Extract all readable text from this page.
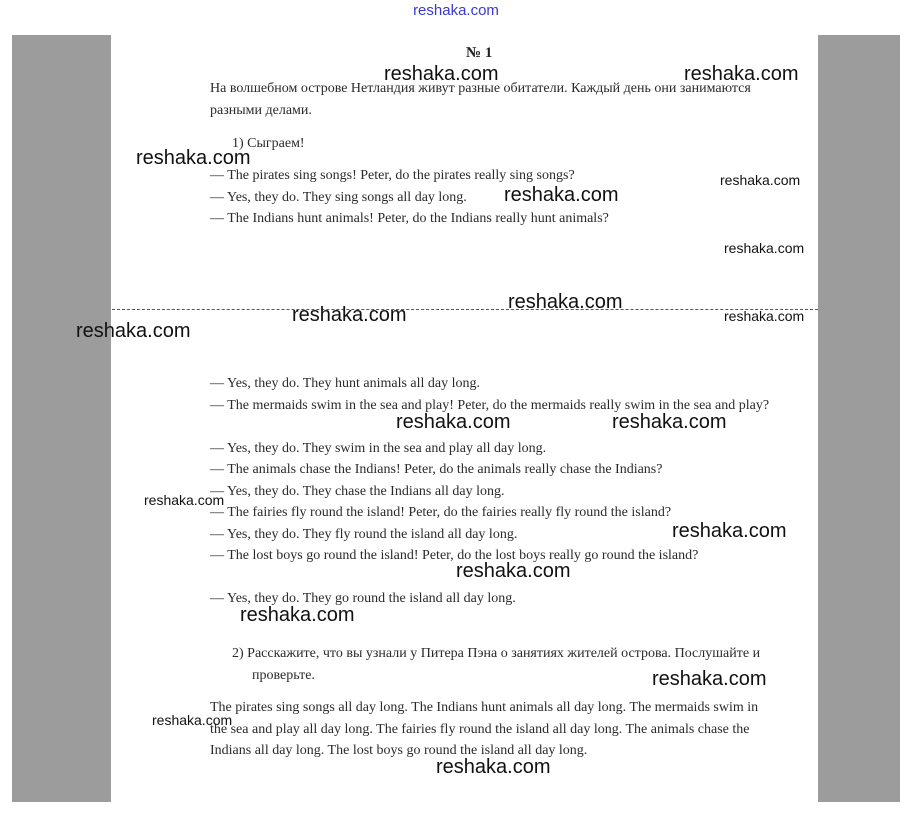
reshaka.com
№ 1
На волшебном острове Нетландия живут разные обитатели. Каждый день они занимаются разными делами.
1) Сыграем!
— The pirates sing songs! Peter, do the pirates really sing songs?
— Yes, they do. They sing songs all day long.
— The Indians hunt animals! Peter, do the Indians really hunt animals?
— Yes, they do. They hunt animals all day long.
— The mermaids swim in the sea and play! Peter, do the mermaids really swim in the sea and play?
— Yes, they do. They swim in the sea and play all day long.
— The animals chase the Indians! Peter, do the animals really chase the Indians?
— Yes, they do. They chase the Indians all day long.
— The fairies fly round the island! Peter, do the fairies really fly round the island?
— Yes, they do. They fly round the island all day long.
— The lost boys go round the island! Peter, do the lost boys really go round the island?
— Yes, they do. They go round the island all day long.
2) Расскажите, что вы узнали у Питера Пэна о занятиях жителей острова. Послушайте и проверьте.
The pirates sing songs all day long. The Indians hunt animals all day long. The mermaids swim in the sea and play all day long. The fairies fly round the island all day long. The animals chase the Indians all day long. The lost boys go round the island all day long.
reshaka.com	reshaka.com
reshaka.com
reshaka.com
reshaka.com
reshaka.com
reshaka.com
reshaka.com	reshaka.com
reshaka.com
reshaka.com	reshaka.com
reshaka.com
reshaka.com
reshaka.com
reshaka.com
reshaka.com
reshaka.com
reshaka.com
